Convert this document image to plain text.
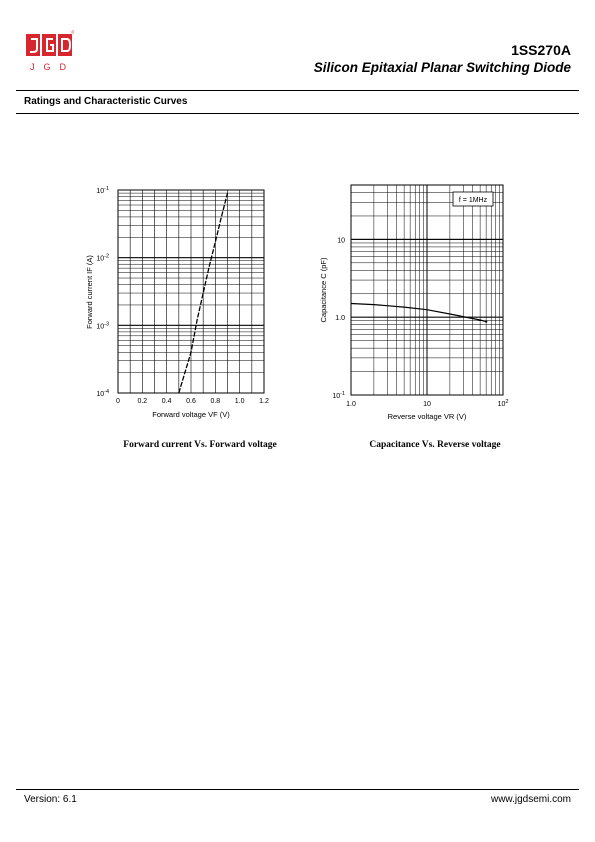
JGD
1SS270A
Silicon Epitaxial Planar Switching Diode
Ratings and Characteristic Curves
0	0.2 0.4 0.6 0.8 1.0 1.2
$10^{-1}$
$10^{-2}$
$10^{-3}$
$10^{-4}$
Forward voltage VF (V)
Forward current IF (A)
Forward current Vs. Forward voltage
1.0	10	$10^2$
10
1.0
$10^{-1}$
f = 1MHz
Reverse voltage VR (V)
Capacitance C (pF)
Capacitance Vs. Reverse voltage
Version: 6.1	www.jgdsemi.com
